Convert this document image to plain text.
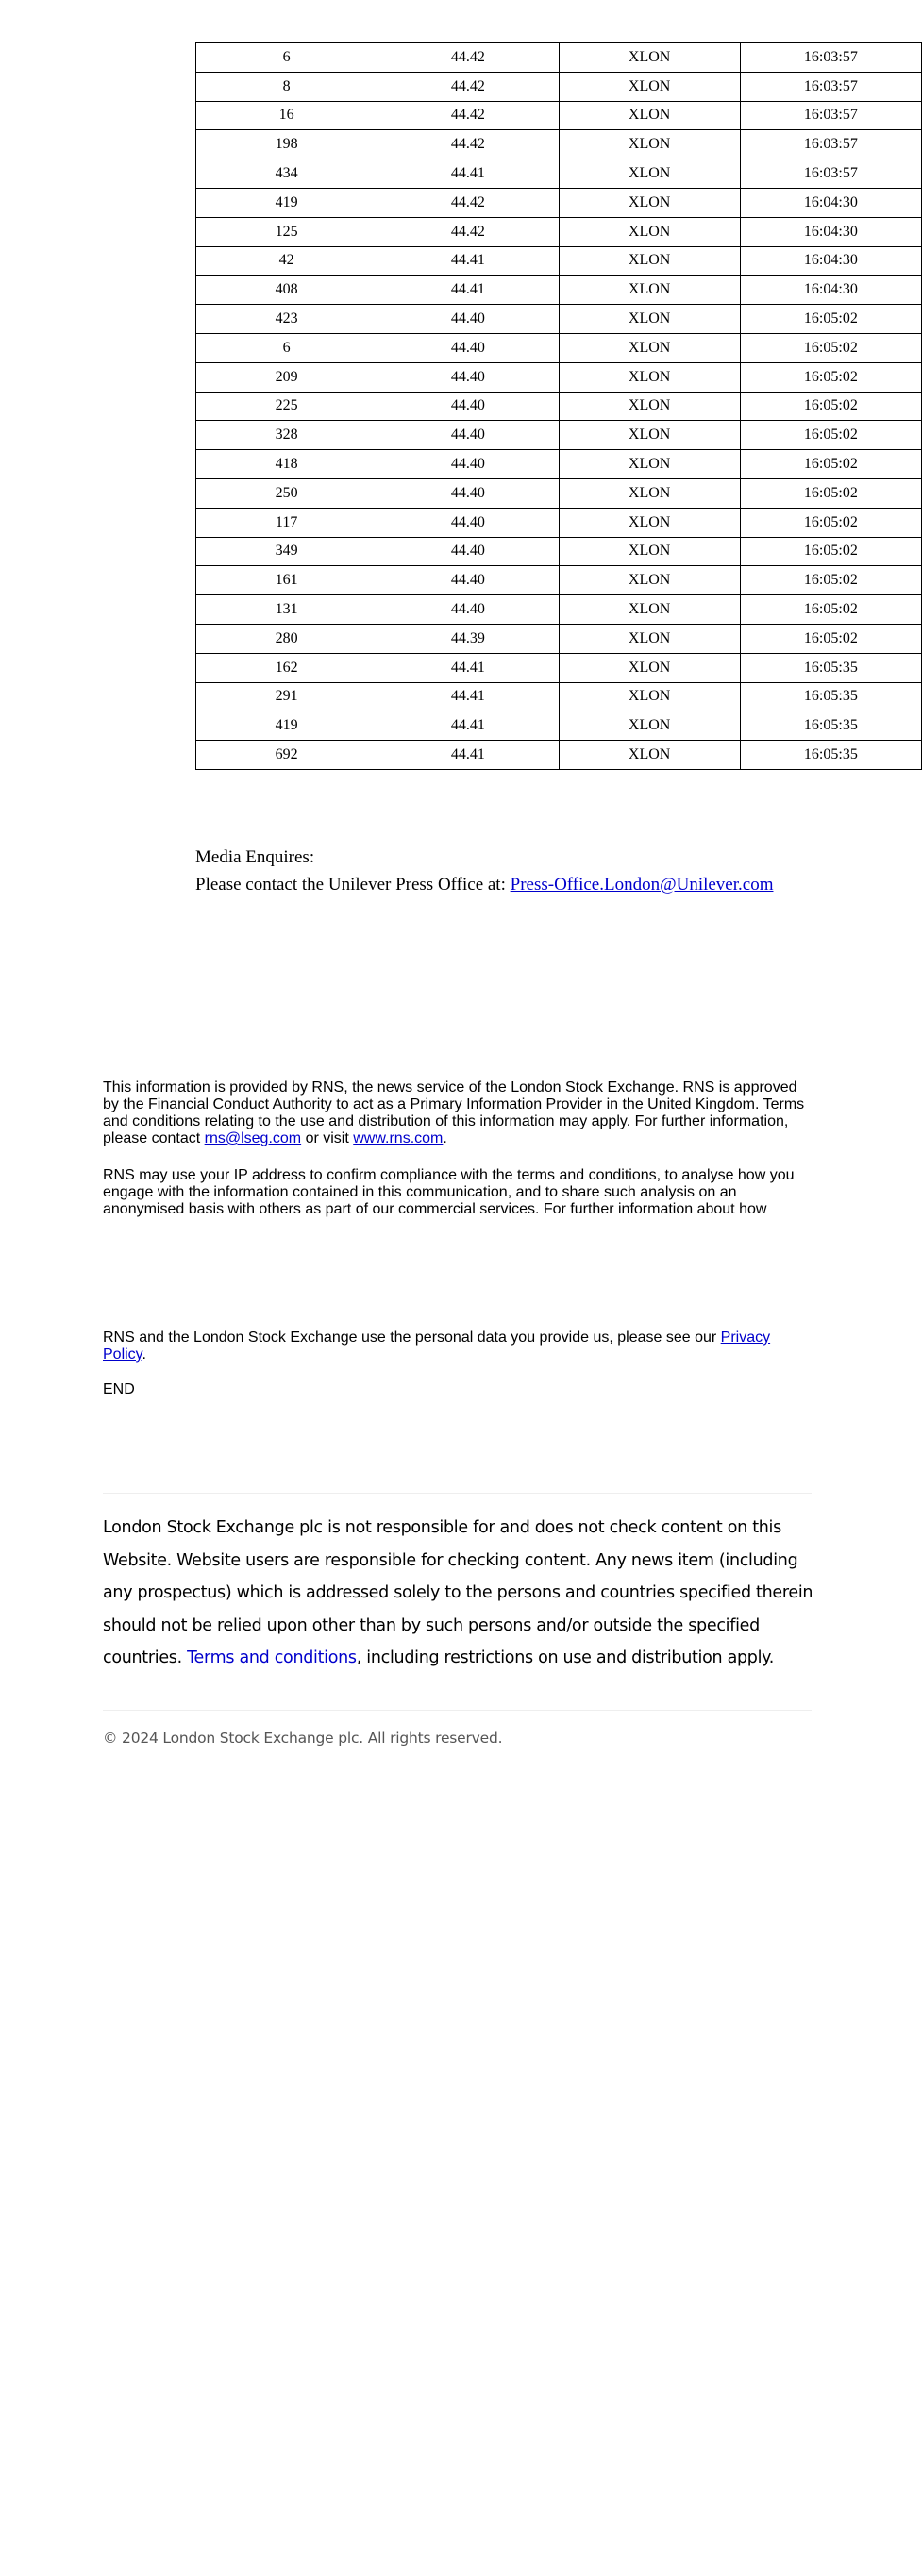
6	44.42	XLON	16:03:57
8	44.42	XLON	16:03:57
16	44.42	XLON	16:03:57
198	44.42	XLON	16:03:57
434	44.41	XLON	16:03:57
419	44.42	XLON	16:04:30
125	44.42	XLON	16:04:30
42	44.41	XLON	16:04:30
408	44.41	XLON	16:04:30
423	44.40	XLON	16:05:02
6	44.40	XLON	16:05:02
209	44.40	XLON	16:05:02
225	44.40	XLON	16:05:02
328	44.40	XLON	16:05:02
418	44.40	XLON	16:05:02
250	44.40	XLON	16:05:02
117	44.40	XLON	16:05:02
349	44.40	XLON	16:05:02
161	44.40	XLON	16:05:02
131	44.40	XLON	16:05:02
280	44.39	XLON	16:05:02
162	44.41	XLON	16:05:35
291	44.41	XLON	16:05:35
419	44.41	XLON	16:05:35
692	44.41	XLON	16:05:35
Media Enquires:
Please contact the Unilever Press Office at: Press-Office.London@Unilever.com

This information is provided by RNS, the news service of the London Stock Exchange. RNS is approved by the Financial Conduct Authority to act as a Primary Information Provider in the United Kingdom. Terms and conditions relating to the use and distribution of this information may apply. For further information, please contact rns@lseg.com or visit www.rns.com.

RNS may use your IP address to confirm compliance with the terms and conditions, to analyse how you engage with the information contained in this communication, and to share such analysis on an anonymised basis with others as part of our commercial services. For further information about how

RNS and the London Stock Exchange use the personal data you provide us, please see our Privacy Policy.

END

London Stock Exchange plc is not responsible for and does not check content on this Website. Website users are responsible for checking content. Any news item (including any prospectus) which is addressed solely to the persons and countries specified therein should not be relied upon other than by such persons and/or outside the specified countries. Terms and conditions, including restrictions on use and distribution apply.
© 2024 London Stock Exchange plc. All rights reserved.
